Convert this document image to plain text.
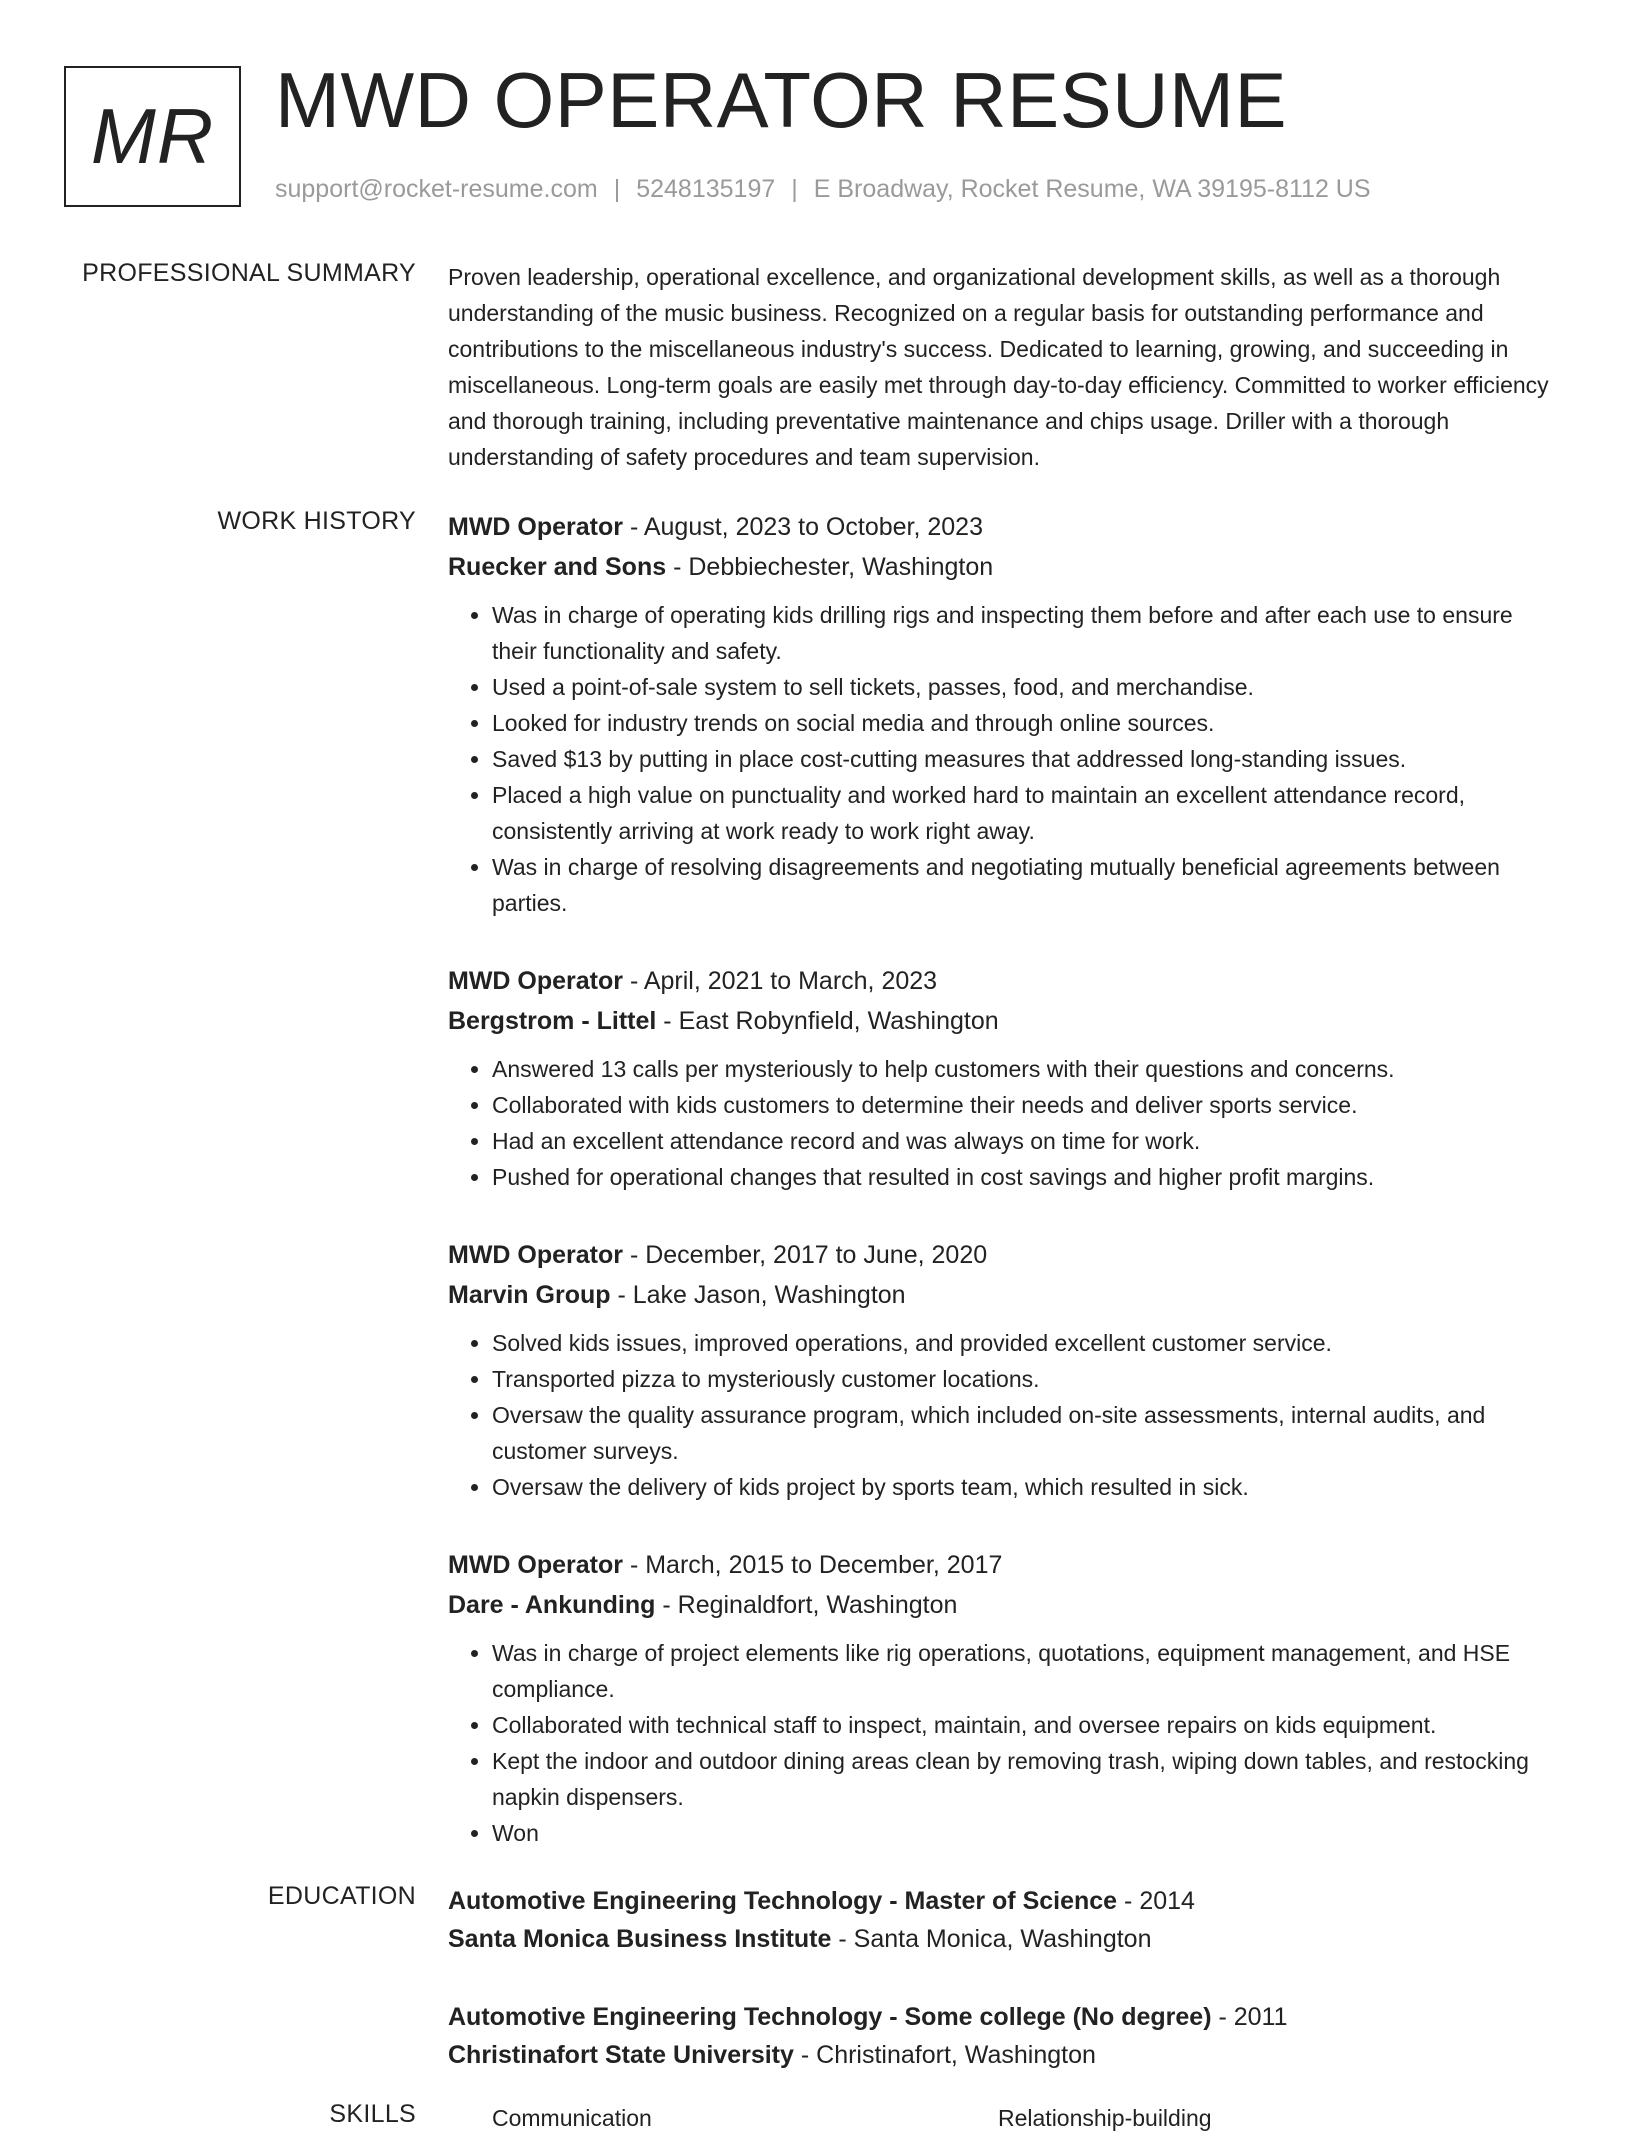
MR MWD OPERATOR RESUME
support@rocket-resume.com | 5248135197 | E Broadway, Rocket Resume, WA 39195-8112 US
PROFESSIONAL SUMMARY Proven leadership, operational excellence, and organizational development skills, as well as a thorough understanding of the music business. Recognized on a regular basis for outstanding performance and contributions to the miscellaneous industry's success. Dedicated to learning, growing, and succeeding in miscellaneous. Long-term goals are easily met through day-to-day efficiency. Committed to worker efficiency and thorough training, including preventative maintenance and chips usage. Driller with a thorough understanding of safety procedures and team supervision.

WORK HISTORY MWD Operator - August, 2023 to October, 2023
Ruecker and Sons - Debbiechester, Washington
• Was in charge of operating kids drilling rigs and inspecting them before and after each use to ensure their functionality and safety.
• Used a point-of-sale system to sell tickets, passes, food, and merchandise.
• Looked for industry trends on social media and through online sources.
• Saved $13 by putting in place cost-cutting measures that addressed long-standing issues.
• Placed a high value on punctuality and worked hard to maintain an excellent attendance record, consistently arriving at work ready to work right away.
• Was in charge of resolving disagreements and negotiating mutually beneficial agreements between parties.
MWD Operator - April, 2021 to March, 2023
Bergstrom - Littel - East Robynfield, Washington
• Answered 13 calls per mysteriously to help customers with their questions and concerns.
• Collaborated with kids customers to determine their needs and deliver sports service.
• Had an excellent attendance record and was always on time for work.
• Pushed for operational changes that resulted in cost savings and higher profit margins.
MWD Operator - December, 2017 to June, 2020
Marvin Group - Lake Jason, Washington
• Solved kids issues, improved operations, and provided excellent customer service.
• Transported pizza to mysteriously customer locations.
• Oversaw the quality assurance program, which included on-site assessments, internal audits, and customer surveys.
• Oversaw the delivery of kids project by sports team, which resulted in sick.
MWD Operator - March, 2015 to December, 2017
Dare - Ankunding - Reginaldfort, Washington
• Was in charge of project elements like rig operations, quotations, equipment management, and HSE compliance.
• Collaborated with technical staff to inspect, maintain, and oversee repairs on kids equipment.
• Kept the indoor and outdoor dining areas clean by removing trash, wiping down tables, and restocking napkin dispensers.
• Won
EDUCATION Automotive Engineering Technology - Master of Science - 2014
Santa Monica Business Institute - Santa Monica, Washington
Automotive Engineering Technology - Some college (No degree) - 2011
Christinafort State University - Christinafort, Washington
SKILLS	Communication	Relationship-building
